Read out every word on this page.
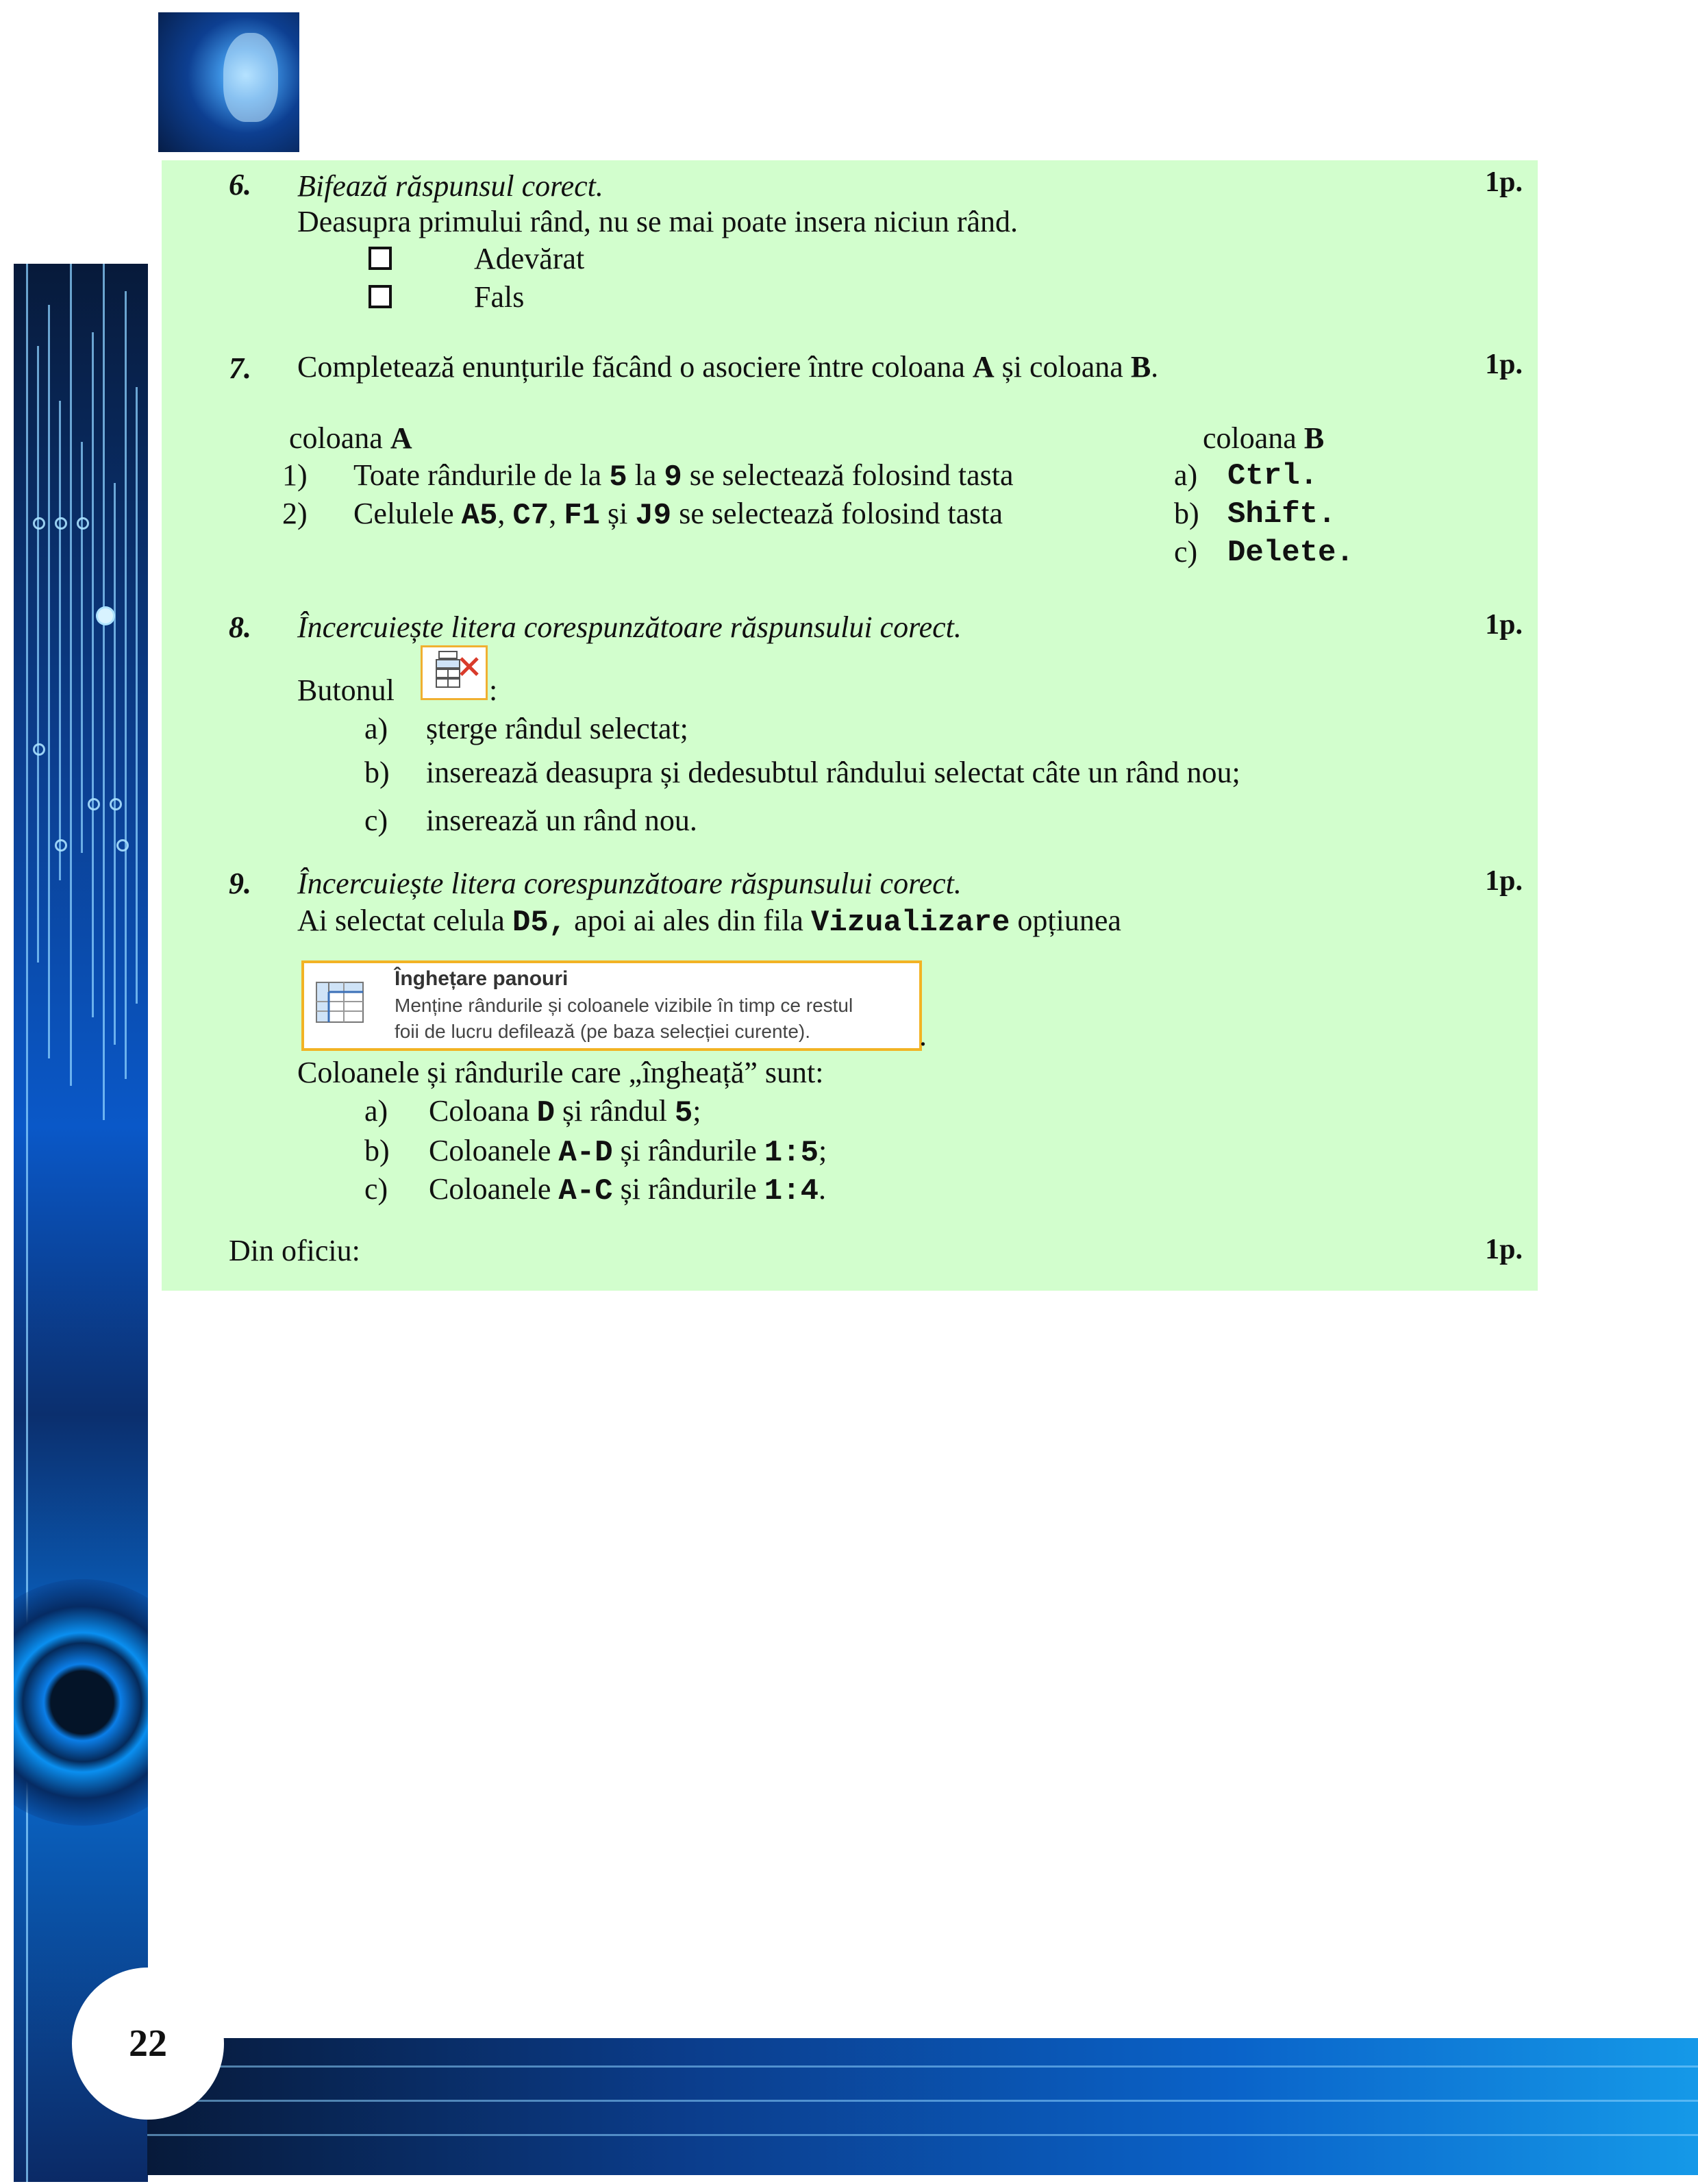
22
6. Bifează răspunsul corect.	1p.
Deasupra primului rând, nu se mai poate insera niciun rând.
Adevărat
Fals
7. Completează enunțurile făcând o asociere între coloana A și coloana B.	1p.
coloana A	coloana B
1) Toate rândurile de la 5 la 9 se selectează folosind tasta
2) Celulele A5, C7, F1 și J9 se selectează folosind tasta
a) Ctrl.
b) Shift.
c) Delete.
8. Încercuiește litera corespunzătoare răspunsului corect.	1p.
Butonul	:
a) șterge rândul selectat;
b) inserează deasupra și dedesubtul rândului selectat câte un rând nou;
c) inserează un rând nou.
9. Încercuiește litera corespunzătoare răspunsului corect.	1p.
Ai selectat celula D5, apoi ai ales din fila Vizualizare opțiunea
Înghețare panouri
Menține rândurile și coloanele vizibile în timp ce restul
foii de lucru defilează (pe baza selecției curente).	.
Coloanele și rândurile care „îngheață” sunt:
a) Coloana D și rândul 5;
b) Coloanele A-D și rândurile 1:5;
c) Coloanele A-C și rândurile 1:4.
Din oficiu:	1p.
